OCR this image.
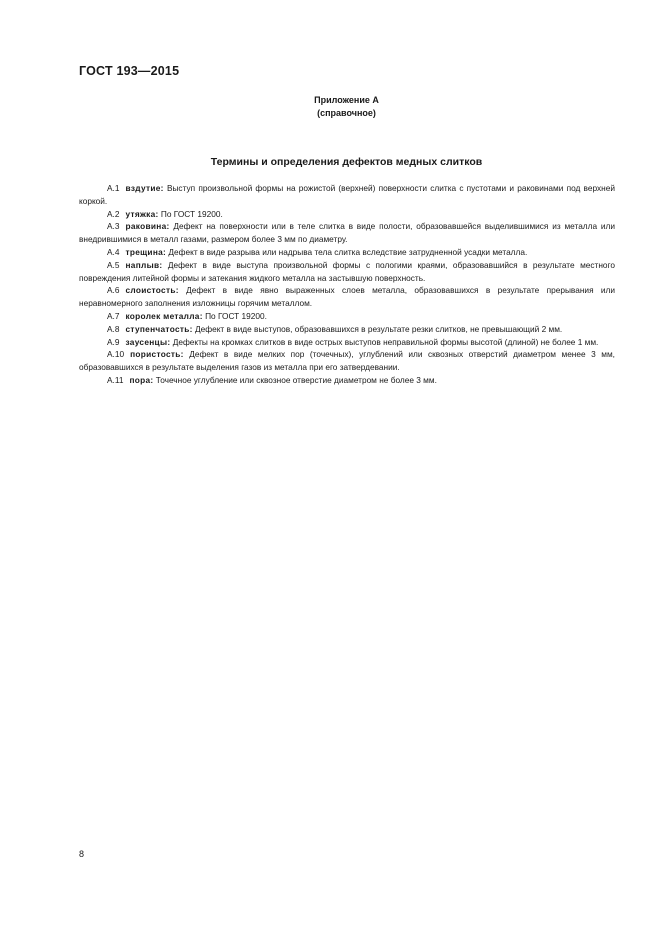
ГОСТ 193—2015
Приложение А
(справочное)
Термины и определения дефектов медных слитков

А.1 вздутие: Выступ произвольной формы на рожистой (верхней) поверхности слитка с пустотами и раковинами под верхней коркой.

А.2 утяжка: По ГОСТ 19200.

А.3 раковина: Дефект на поверхности или в теле слитка в виде полости, образовавшейся выделившимися из металла или внедрившимися в металл газами, размером более 3 мм по диаметру.

А.4 трещина: Дефект в виде разрыва или надрыва тела слитка вследствие затрудненной усадки металла.

А.5 наплыв: Дефект в виде выступа произвольной формы с пологими краями, образовавшийся в результате местного повреждения литейной формы и затекания жидкого металла на застывшую поверхность.

А.6 слоистость: Дефект в виде явно выраженных слоев металла, образовавшихся в результате прерывания или неравномерного заполнения изложницы горячим металлом.

А.7 королек металла: По ГОСТ 19200.

А.8 ступенчатость: Дефект в виде выступов, образовавшихся в результате резки слитков, не превышающий 2 мм.

А.9 заусенцы: Дефекты на кромках слитков в виде острых выступов неправильной формы высотой (длиной) не более 1 мм.

А.10 пористость: Дефект в виде мелких пор (точечных), углублений или сквозных отверстий диаметром менее 3 мм, образовавшихся в результате выделения газов из металла при его затвердевании.

А.11 пора: Точечное углубление или сквозное отверстие диаметром не более 3 мм.

8
